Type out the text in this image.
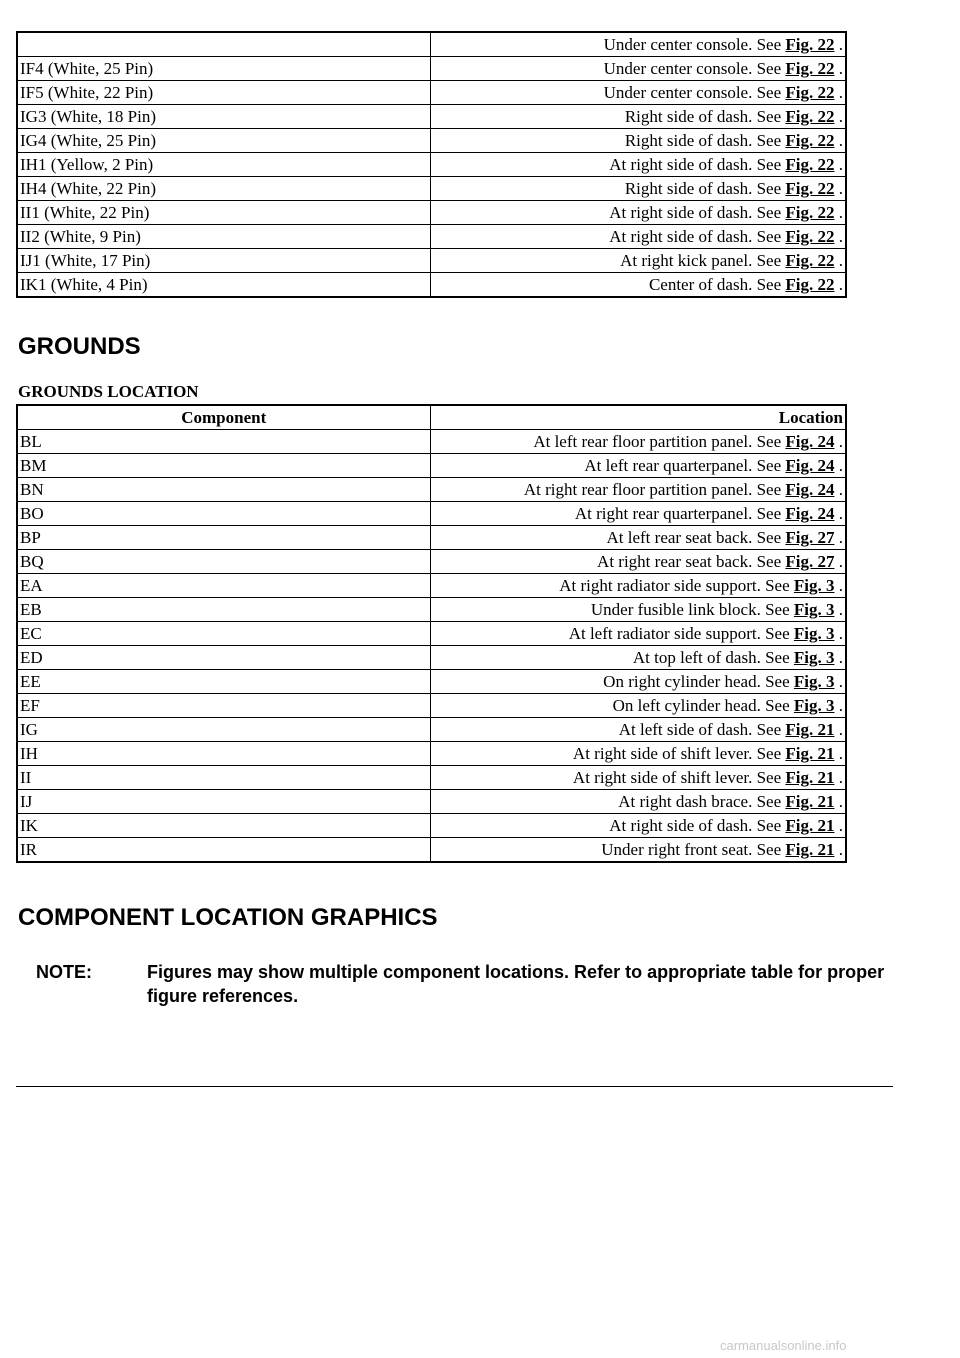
	Under center console. See Fig. 22 .
IF4 (White, 25 Pin)	Under center console. See Fig. 22 .
IF5 (White, 22 Pin)	Under center console. See Fig. 22 .
IG3 (White, 18 Pin)	Right side of dash. See Fig. 22 .
IG4 (White, 25 Pin)	Right side of dash. See Fig. 22 .
IH1 (Yellow, 2 Pin)	At right side of dash. See Fig. 22 .
IH4 (White, 22 Pin)	Right side of dash. See Fig. 22 .
II1 (White, 22 Pin)	At right side of dash. See Fig. 22 .
II2 (White, 9 Pin)	At right side of dash. See Fig. 22 .
IJ1 (White, 17 Pin)	At right kick panel. See Fig. 22 .
IK1 (White, 4 Pin)	Center of dash. See Fig. 22 .
GROUNDS

GROUNDS LOCATION

Component	Location
BL	At left rear floor partition panel. See Fig. 24 .
BM	At left rear quarterpanel. See Fig. 24 .
BN	At right rear floor partition panel. See Fig. 24 .
BO	At right rear quarterpanel. See Fig. 24 .
BP	At left rear seat back. See Fig. 27 .
BQ	At right rear seat back. See Fig. 27 .
EA	At right radiator side support. See Fig. 3 .
EB	Under fusible link block. See Fig. 3 .
EC	At left radiator side support. See Fig. 3 .
ED	At top left of dash. See Fig. 3 .
EE	On right cylinder head. See Fig. 3 .
EF	On left cylinder head. See Fig. 3 .
IG	At left side of dash. See Fig. 21 .
IH	At right side of shift lever. See Fig. 21 .
II	At right side of shift lever. See Fig. 21 .
IJ	At right dash brace. See Fig. 21 .
IK	At right side of dash. See Fig. 21 .
IR	Under right front seat. See Fig. 21 .
COMPONENT LOCATION GRAPHICS
NOTE:	Figures may show multiple component locations. Refer to appropriate table for proper figure references.
carmanualsonline.info
